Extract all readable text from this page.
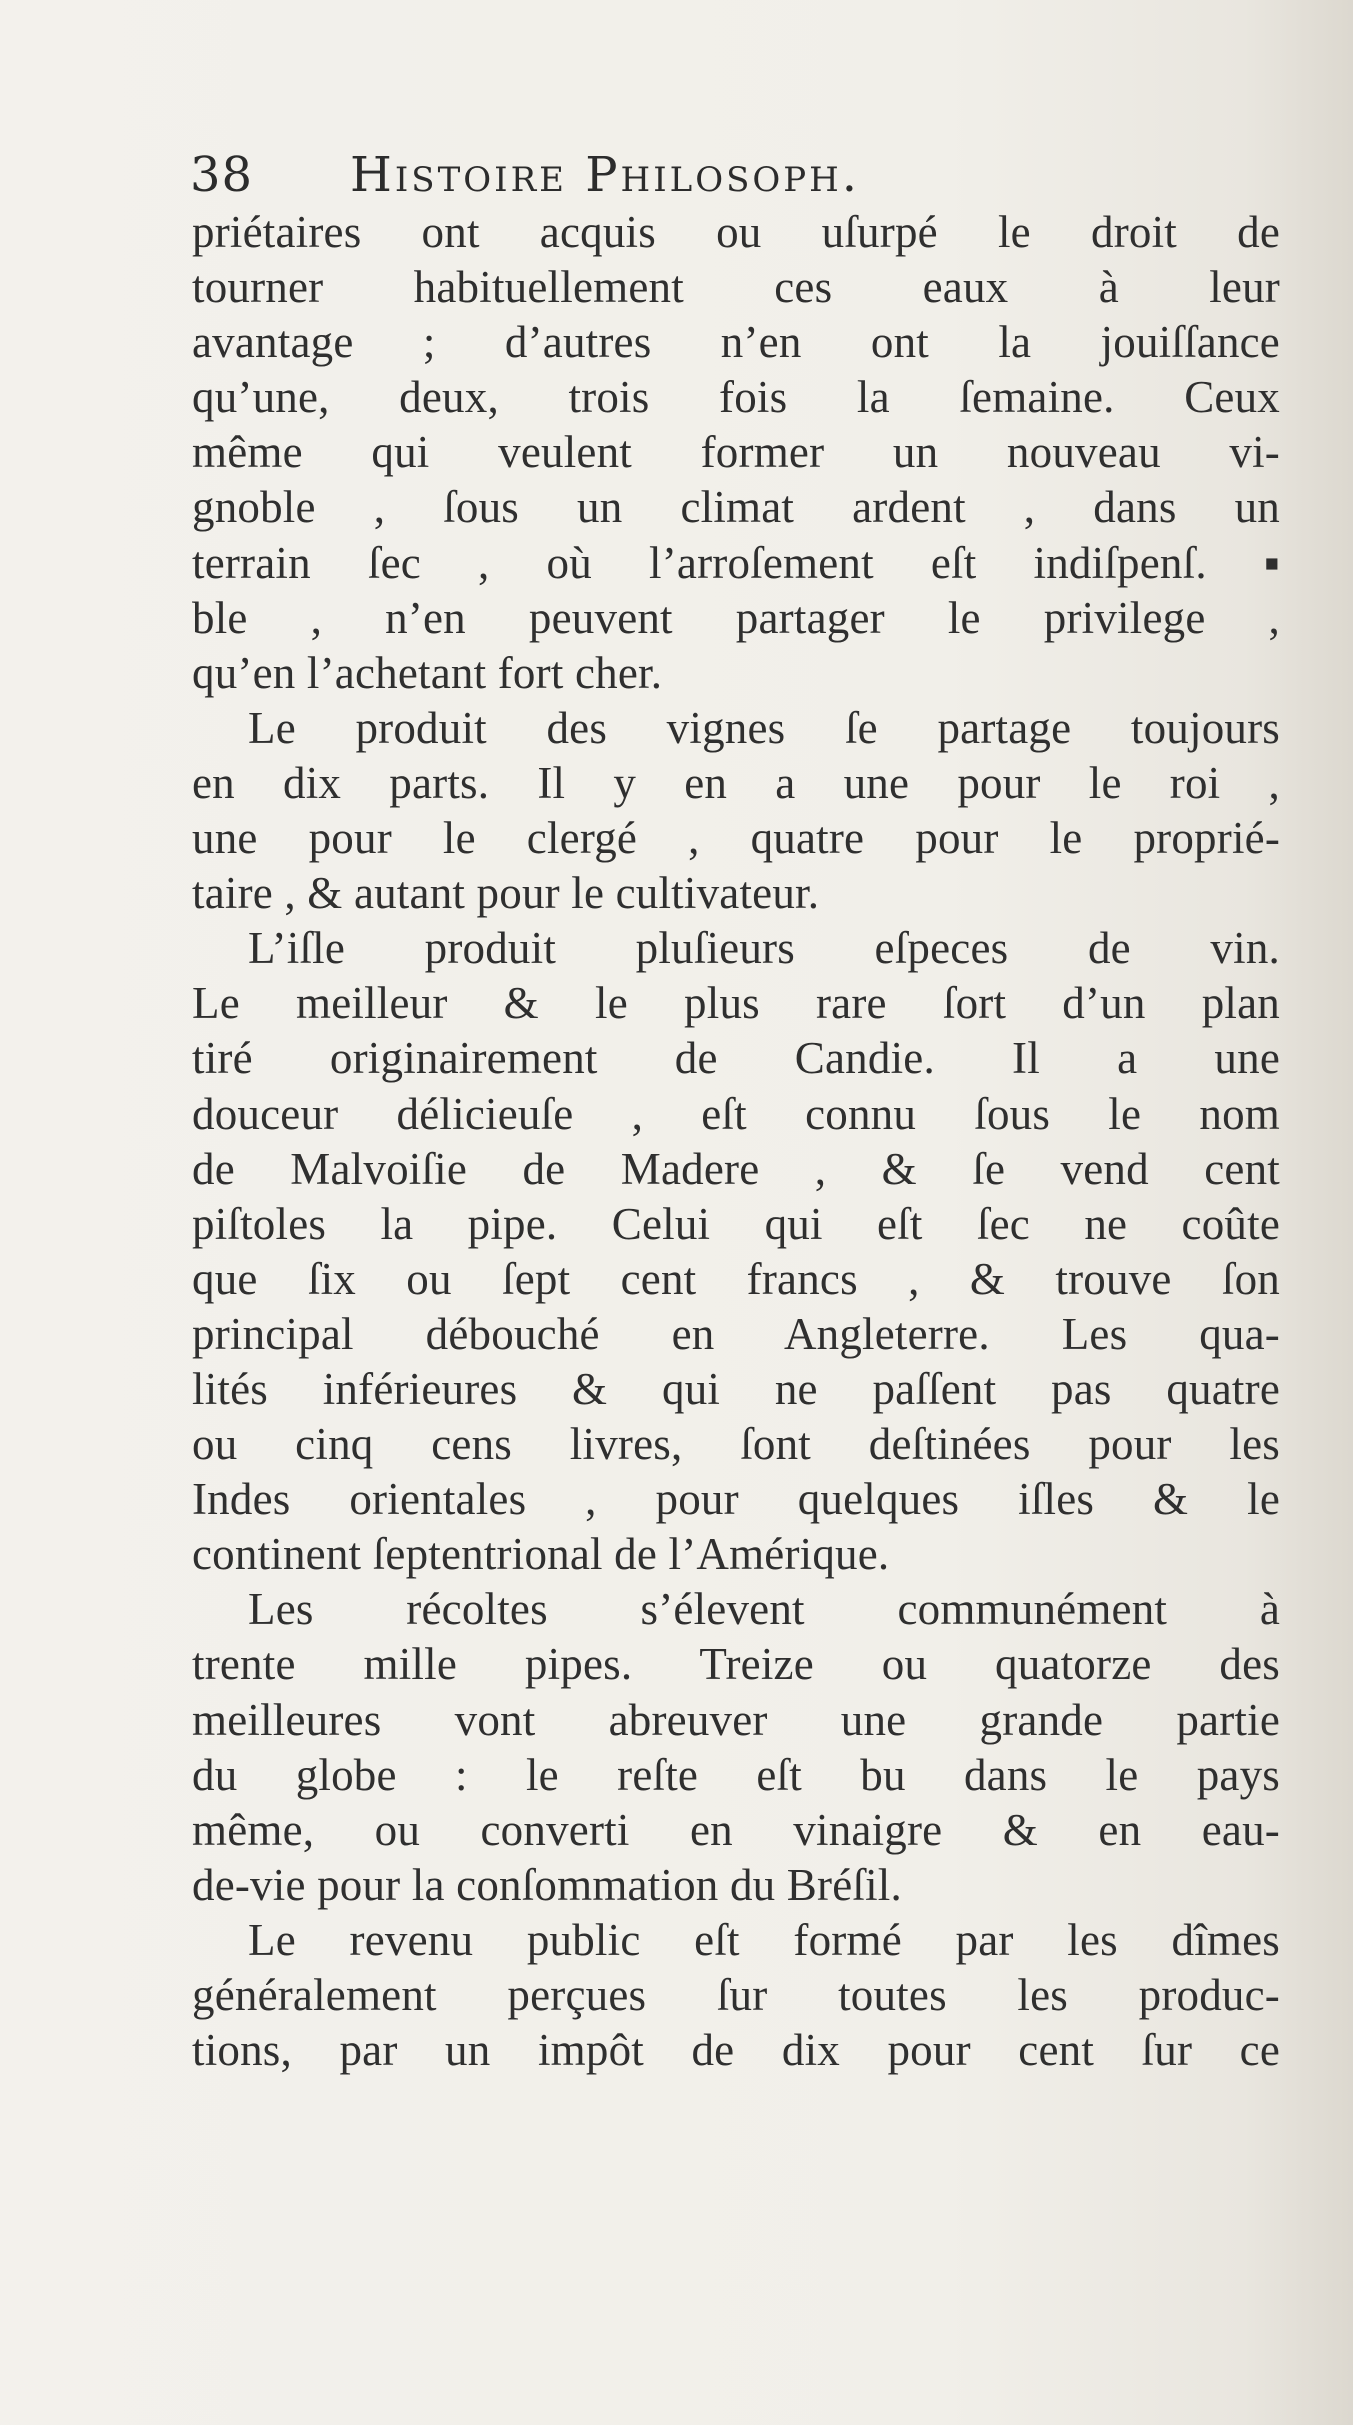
38 Histoire Philosoph.
priétaires ont acquis ou uſurpé le droit de
tourner habituellement ces eaux à leur
avantage ; d’autres n’en ont la jouiſſance
qu’une, deux, trois fois la ſemaine. Ceux
même qui veulent former un nouveau vi-
gnoble , ſous un climat ardent , dans un
terrain ſec , où l’arroſement eſt indiſpenſ. ▪
ble , n’en peuvent partager le privilege ,
qu’en l’achetant fort cher.
Le produit des vignes ſe partage toujours
en dix parts. Il y en a une pour le roi ,
une pour le clergé , quatre pour le proprié-
taire , & autant pour le cultivateur.
L’iſle produit pluſieurs eſpeces de vin.
Le meilleur & le plus rare ſort d’un plan
tiré originairement de Candie. Il a une
douceur délicieuſe , eſt connu ſous le nom
de Malvoiſie de Madere , & ſe vend cent
piſtoles la pipe. Celui qui eſt ſec ne coûte
que ſix ou ſept cent francs , & trouve ſon
principal débouché en Angleterre. Les qua-
lités inférieures & qui ne paſſent pas quatre
ou cinq cens livres, ſont deſtinées pour les
Indes orientales , pour quelques iſles & le
continent ſeptentrional de l’Amérique.
Les récoltes s’élevent communément à
trente mille pipes. Treize ou quatorze des
meilleures vont abreuver une grande partie
du globe : le reſte eſt bu dans le pays
même, ou converti en vinaigre & en eau-
de-vie pour la conſommation du Bréſil.
Le revenu public eſt formé par les dîmes
généralement perçues ſur toutes les produc-
tions, par un impôt de dix pour cent ſur ce
